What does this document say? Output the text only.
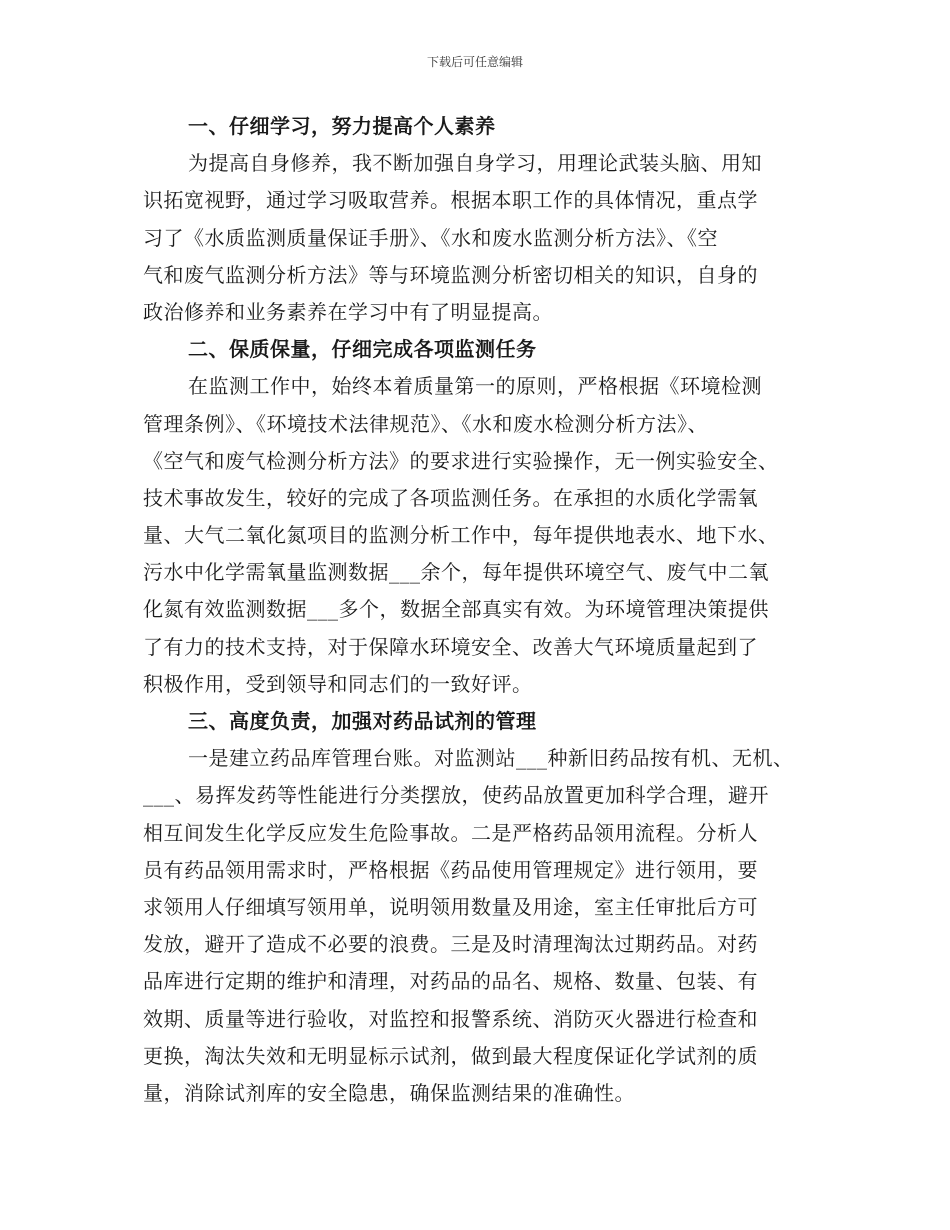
下载后可任意编辑
一、仔细学习，努力提高个人素养
为提高自身修养，我不断加强自身学习，用理论武装头脑、用知
识拓宽视野，通过学习吸取营养。根据本职工作的具体情况，重点学
习了《水质监测质量保证手册》、《水和废水监测分析方法》、《空
气和废气监测分析方法》等与环境监测分析密切相关的知识，自身的
政治修养和业务素养在学习中有了明显提高。
二、保质保量，仔细完成各项监测任务
在监测工作中，始终本着质量第一的原则，严格根据《环境检测
管理条例》、《环境技术法律规范》、《水和废水检测分析方法》、
《空气和废气检测分析方法》的要求进行实验操作，无一例实验安全、
技术事故发生，较好的完成了各项监测任务。在承担的水质化学需氧
量、大气二氧化氮项目的监测分析工作中，每年提供地表水、地下水、
污水中化学需氧量监测数据___余个，每年提供环境空气、废气中二氧
化氮有效监测数据___多个，数据全部真实有效。为环境管理决策提供
了有力的技术支持，对于保障水环境安全、改善大气环境质量起到了
积极作用，受到领导和同志们的一致好评。
三、高度负责，加强对药品试剂的管理
一是建立药品库管理台账。对监测站___种新旧药品按有机、无机、
___、易挥发药等性能进行分类摆放，使药品放置更加科学合理，避开
相互间发生化学反应发生危险事故。二是严格药品领用流程。分析人
员有药品领用需求时，严格根据《药品使用管理规定》进行领用，要
求领用人仔细填写领用单，说明领用数量及用途，室主任审批后方可
发放，避开了造成不必要的浪费。三是及时清理淘汰过期药品。对药
品库进行定期的维护和清理，对药品的品名、规格、数量、包装、有
效期、质量等进行验收，对监控和报警系统、消防灭火器进行检查和
更换，淘汰失效和无明显标示试剂，做到最大程度保证化学试剂的质
量，消除试剂库的安全隐患，确保监测结果的准确性。
